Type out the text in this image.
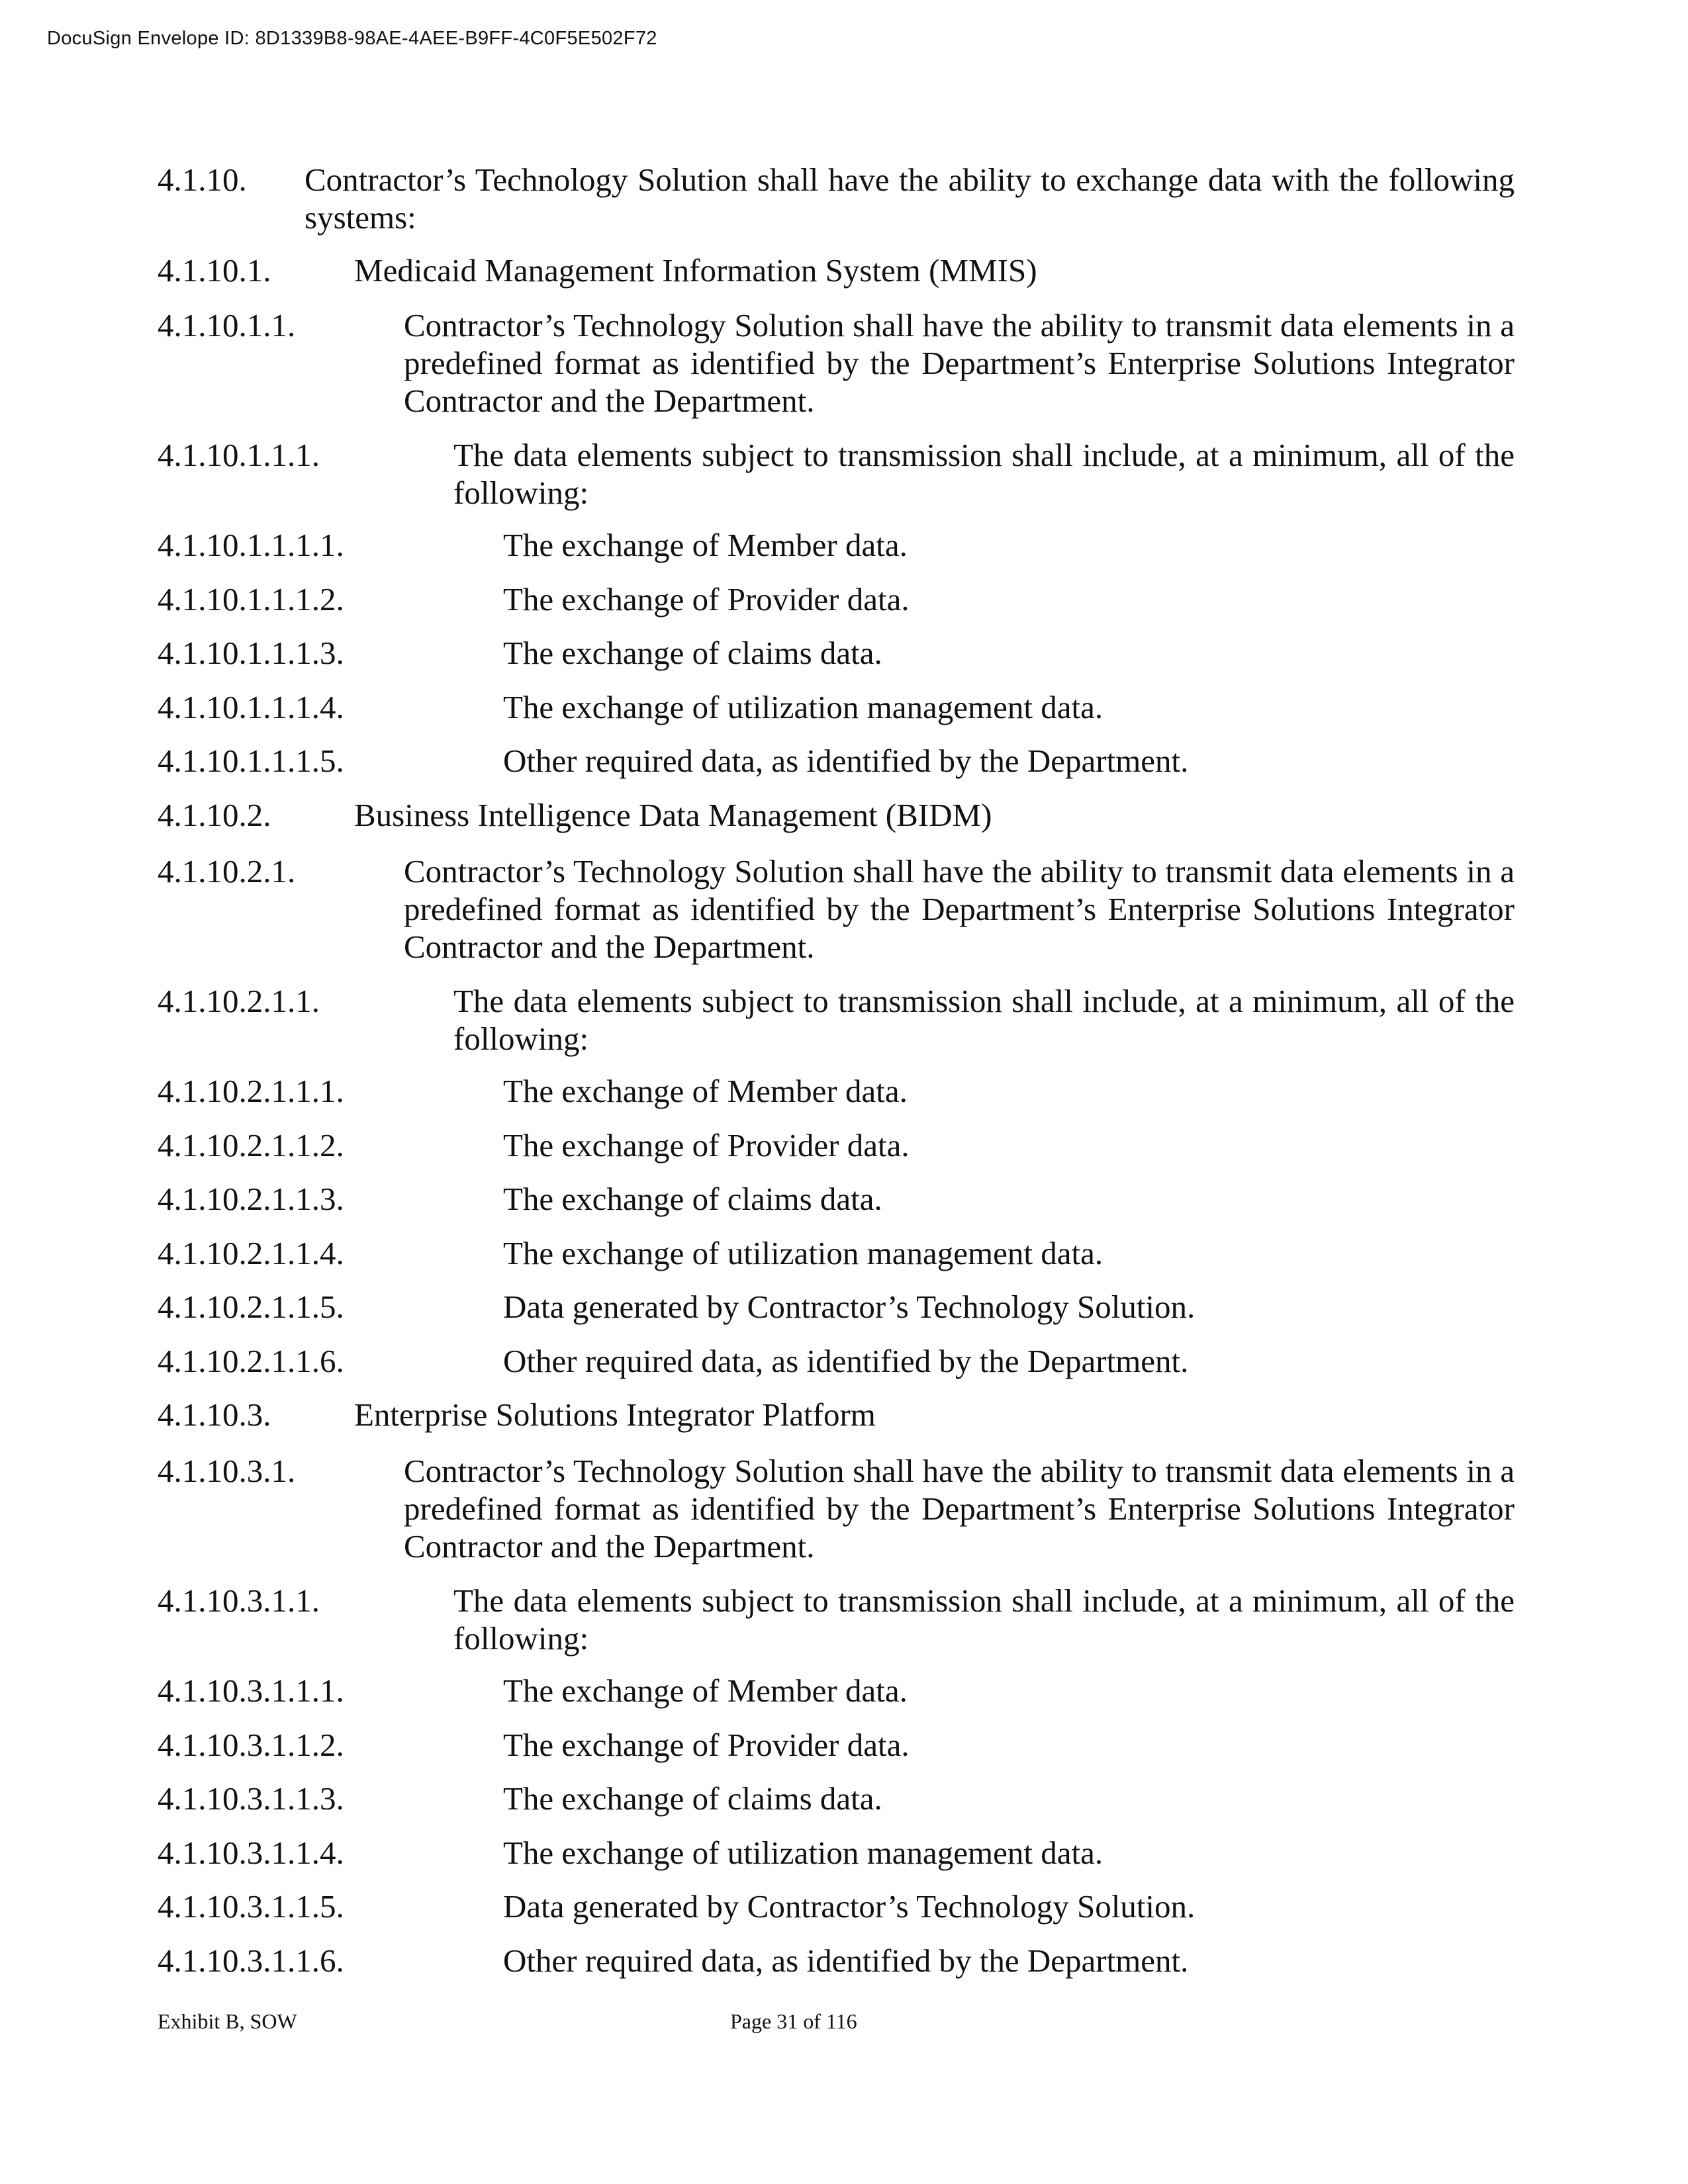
DocuSign Envelope ID: 8D1339B8-98AE-4AEE-B9FF-4C0F5E502F72
4.1.10. Contractor’s Technology Solution shall have the ability to exchange data with the following systems:
4.1.10.1.	Medicaid Management Information System (MMIS)
4.1.10.1.1.	Contractor’s Technology Solution shall have the ability to transmit data elements in a predefined format as identified by the Department’s Enterprise Solutions Integrator Contractor and the Department.
4.1.10.1.1.1.	The data elements subject to transmission shall include, at a minimum, all of the following:
4.1.10.1.1.1.1.	The exchange of Member data.
4.1.10.1.1.1.2.	The exchange of Provider data.
4.1.10.1.1.1.3.	The exchange of claims data.
4.1.10.1.1.1.4.	The exchange of utilization management data.
4.1.10.1.1.1.5.	Other required data, as identified by the Department.
4.1.10.2.	Business Intelligence Data Management (BIDM)
4.1.10.2.1.	Contractor’s Technology Solution shall have the ability to transmit data elements in a predefined format as identified by the Department’s Enterprise Solutions Integrator Contractor and the Department.
4.1.10.2.1.1.	The data elements subject to transmission shall include, at a minimum, all of the following:
4.1.10.2.1.1.1.	The exchange of Member data.
4.1.10.2.1.1.2.	The exchange of Provider data.
4.1.10.2.1.1.3.	The exchange of claims data.
4.1.10.2.1.1.4.	The exchange of utilization management data.
4.1.10.2.1.1.5.	Data generated by Contractor’s Technology Solution.
4.1.10.2.1.1.6.	Other required data, as identified by the Department.
4.1.10.3.	Enterprise Solutions Integrator Platform
4.1.10.3.1.	Contractor’s Technology Solution shall have the ability to transmit data elements in a predefined format as identified by the Department’s Enterprise Solutions Integrator Contractor and the Department.
4.1.10.3.1.1.	The data elements subject to transmission shall include, at a minimum, all of the following:
4.1.10.3.1.1.1.	The exchange of Member data.
4.1.10.3.1.1.2.	The exchange of Provider data.
4.1.10.3.1.1.3.	The exchange of claims data.
4.1.10.3.1.1.4.	The exchange of utilization management data.
4.1.10.3.1.1.5.	Data generated by Contractor’s Technology Solution.
4.1.10.3.1.1.6.	Other required data, as identified by the Department.
Exhibit B, SOW	Page 31 of 116
